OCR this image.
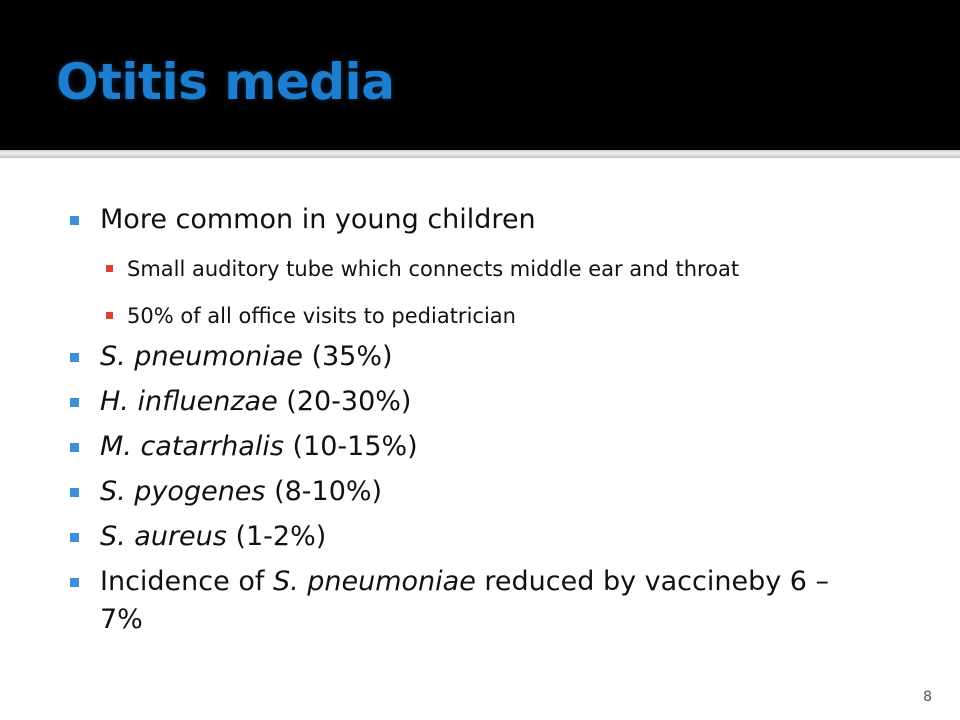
Otitis media
More common in young children
Small auditory tube which connects middle ear and throat
50% of all office visits to pediatrician
S. pneumoniae (35%)
H. influenzae (20-30%)
M. catarrhalis (10-15%)
S. pyogenes (8-10%)
S. aureus (1-2%)
Incidence of S. pneumoniae reduced by vaccineby 6 – 7%
8
